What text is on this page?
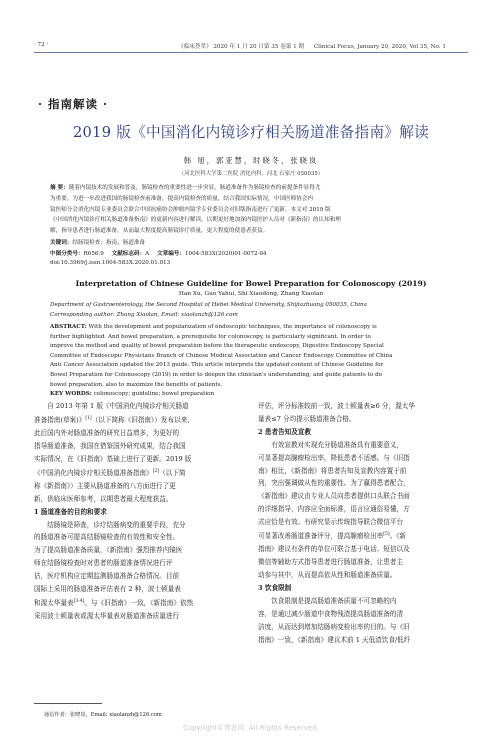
· 72 ·	《临床荟萃》 2020 年 1 月 20 日第 35 卷第 1 期 Clinical Focus, January 20, 2020, Vol 35, No. 1
· 指南解读 ·
2019 版《中国消化内镜诊疗相关肠道准备指南》解读
韩 旭，郭亚慧，时晓冬，张晓岚
（河北医科大学第二医院 消化内科，河北 石家庄 050035）

摘 要：随着内镜技术的发展和普及，肠镜检查的重要性进一步突显，肠道准备作为肠镜检查的前提条件显得尤

为重要。为进一步改进我国的肠镜检查前准备，提高内镜检查的质量，结合我国实际情况，中国医师协会内

镜医师分会消化内镜专业委员会联合中国抗癌协会肿瘤内镜学专业委员会对旧版指南进行了更新。本文对 2019 版

《中国消化内镜诊疗相关肠道准备指南》的更新内容进行解读，以期更好地加深内镜医护人员对《新指南》的认知和理

解，指导患者进行肠道准备，从而最大程度提高肠镜诊疗质量，更大程度的使患者获益。

关键词：结肠镜检查；指南；肠道准备
中图分类号：R656.9 文献标志码：A 文章编号：1004-583X(2020)01-0072-04
doi:10.3969/j.issn.1004-583X.2020.01.013
Interpretation of Chinese Guideline for Bowel Preparation for Colonoscopy (2019)
Han Xu, Guo Yahui, Shi Xiaodong, Zhang Xiaolan

Department of Gastroenterology, the Second Hospital of Hebei Medical University, Shijiazhuang 050035, China

Corresponding author: Zhang Xiaolan, Email: xiaolanzh@126.com

ABSTRACT: With the development and popularization of endoscopic techniques, the importance of colonoscopy is

further highlighted. And bowel preparation, a prerequisite for colonoscopy, is particularly significant. In order to

improve the method and quality of bowel preparation before the therapeutic endoscopy, Digestive Endoscopy Special

Committee of Endoscopic Physicians Branch of Chinese Medical Association and Cancer Endoscopy Committee of China

Anti Cancer Association updated the 2013 guide. This article interprets the updated content of Chinese Guideline for

Bowel Preparation for Colonoscopy (2019) in order to deepen the clinician's understanding, and guide patients to do

bowel preparation, also to maximize the benefits of patients.

KEY WORDS: colonoscopy; guideline; bowel preparation

自 2013 年第 1 版《中国消化内镜诊疗相关肠道

准备指南(草案)》[1]（以下简称《旧指南》）发布以来，

此后国内外对肠道准备的研究日益增多，为更好的

指导肠道准备，我国在借鉴国外研究成果，结合我国

实际情况，在《旧指南》基础上进行了更新。2019 版

《中国消化内镜诊疗相关肠道准备指南》[2]（以下简

称《新指南》）主要从肠道准备的八方面进行了更

新，供临床医师参考，以期患者最大程度获益。

1 肠道准备的目的和要求

结肠镜是筛查，诊疗结肠病变的重要手段，充分

的肠道准备可提高结肠镜检查的有效性和安全性。

为了提高肠道准备质量，《新指南》强烈推荐内镜医

师在结肠镜检查时对患者的肠道准备情况进行评

估，医疗机构应定期监测肠道准备合格情况。目前

国际上采用的肠道准备评估表有 2 种，波士顿量表

和渥太华量表[3-4]。与《旧指南》一致，《新指南》依然

采用波士顿量表或渥太华量表对肠道准备质量进行

评估，评分标准较前一致，波士顿量表≥6 分，渥太华

量表≤7 分均提示肠道准备合格。

2 患者告知及宣教

有效宣教对实现充分肠道准备具有重要意义，

可显著提高腺瘤检出率，降低患者不适感。与《旧指

南》相比，《新指南》将患者告知及宣教内容置于前

列，突出强调做从性的重要性。为了赢得患者配合，

《新指南》建议由专业人员向患者提供口头联合书面

的详细指导，内容应全面标准，语言应通俗易懂，方

式应恰是有效。有研究显示传统指导联合微信平台

可显著改善肠道准备评分，提高腺瘤检出率[5]。《新

指南》建议有条件的单位可联合基于电话、短信以及

微信等辅助方式指导患者进行肠道准备，让患者主

动参与其中，从而提高依从性和肠道准备质量。

3 饮食限制

饮食限制是提高肠道准备质量不可忽略的内

容，是通过减少肠道中食物残渣提高肠道准备的清

洁度，从而达到增加结肠病变检出率的目的。与《旧

指南》一致，《新指南》建议术前 1 天低渣饮食/低纤

通信作者：张晓岚，Email: xiaolanzh@126.com
Copyright©博看网. All Rights Reserved.
